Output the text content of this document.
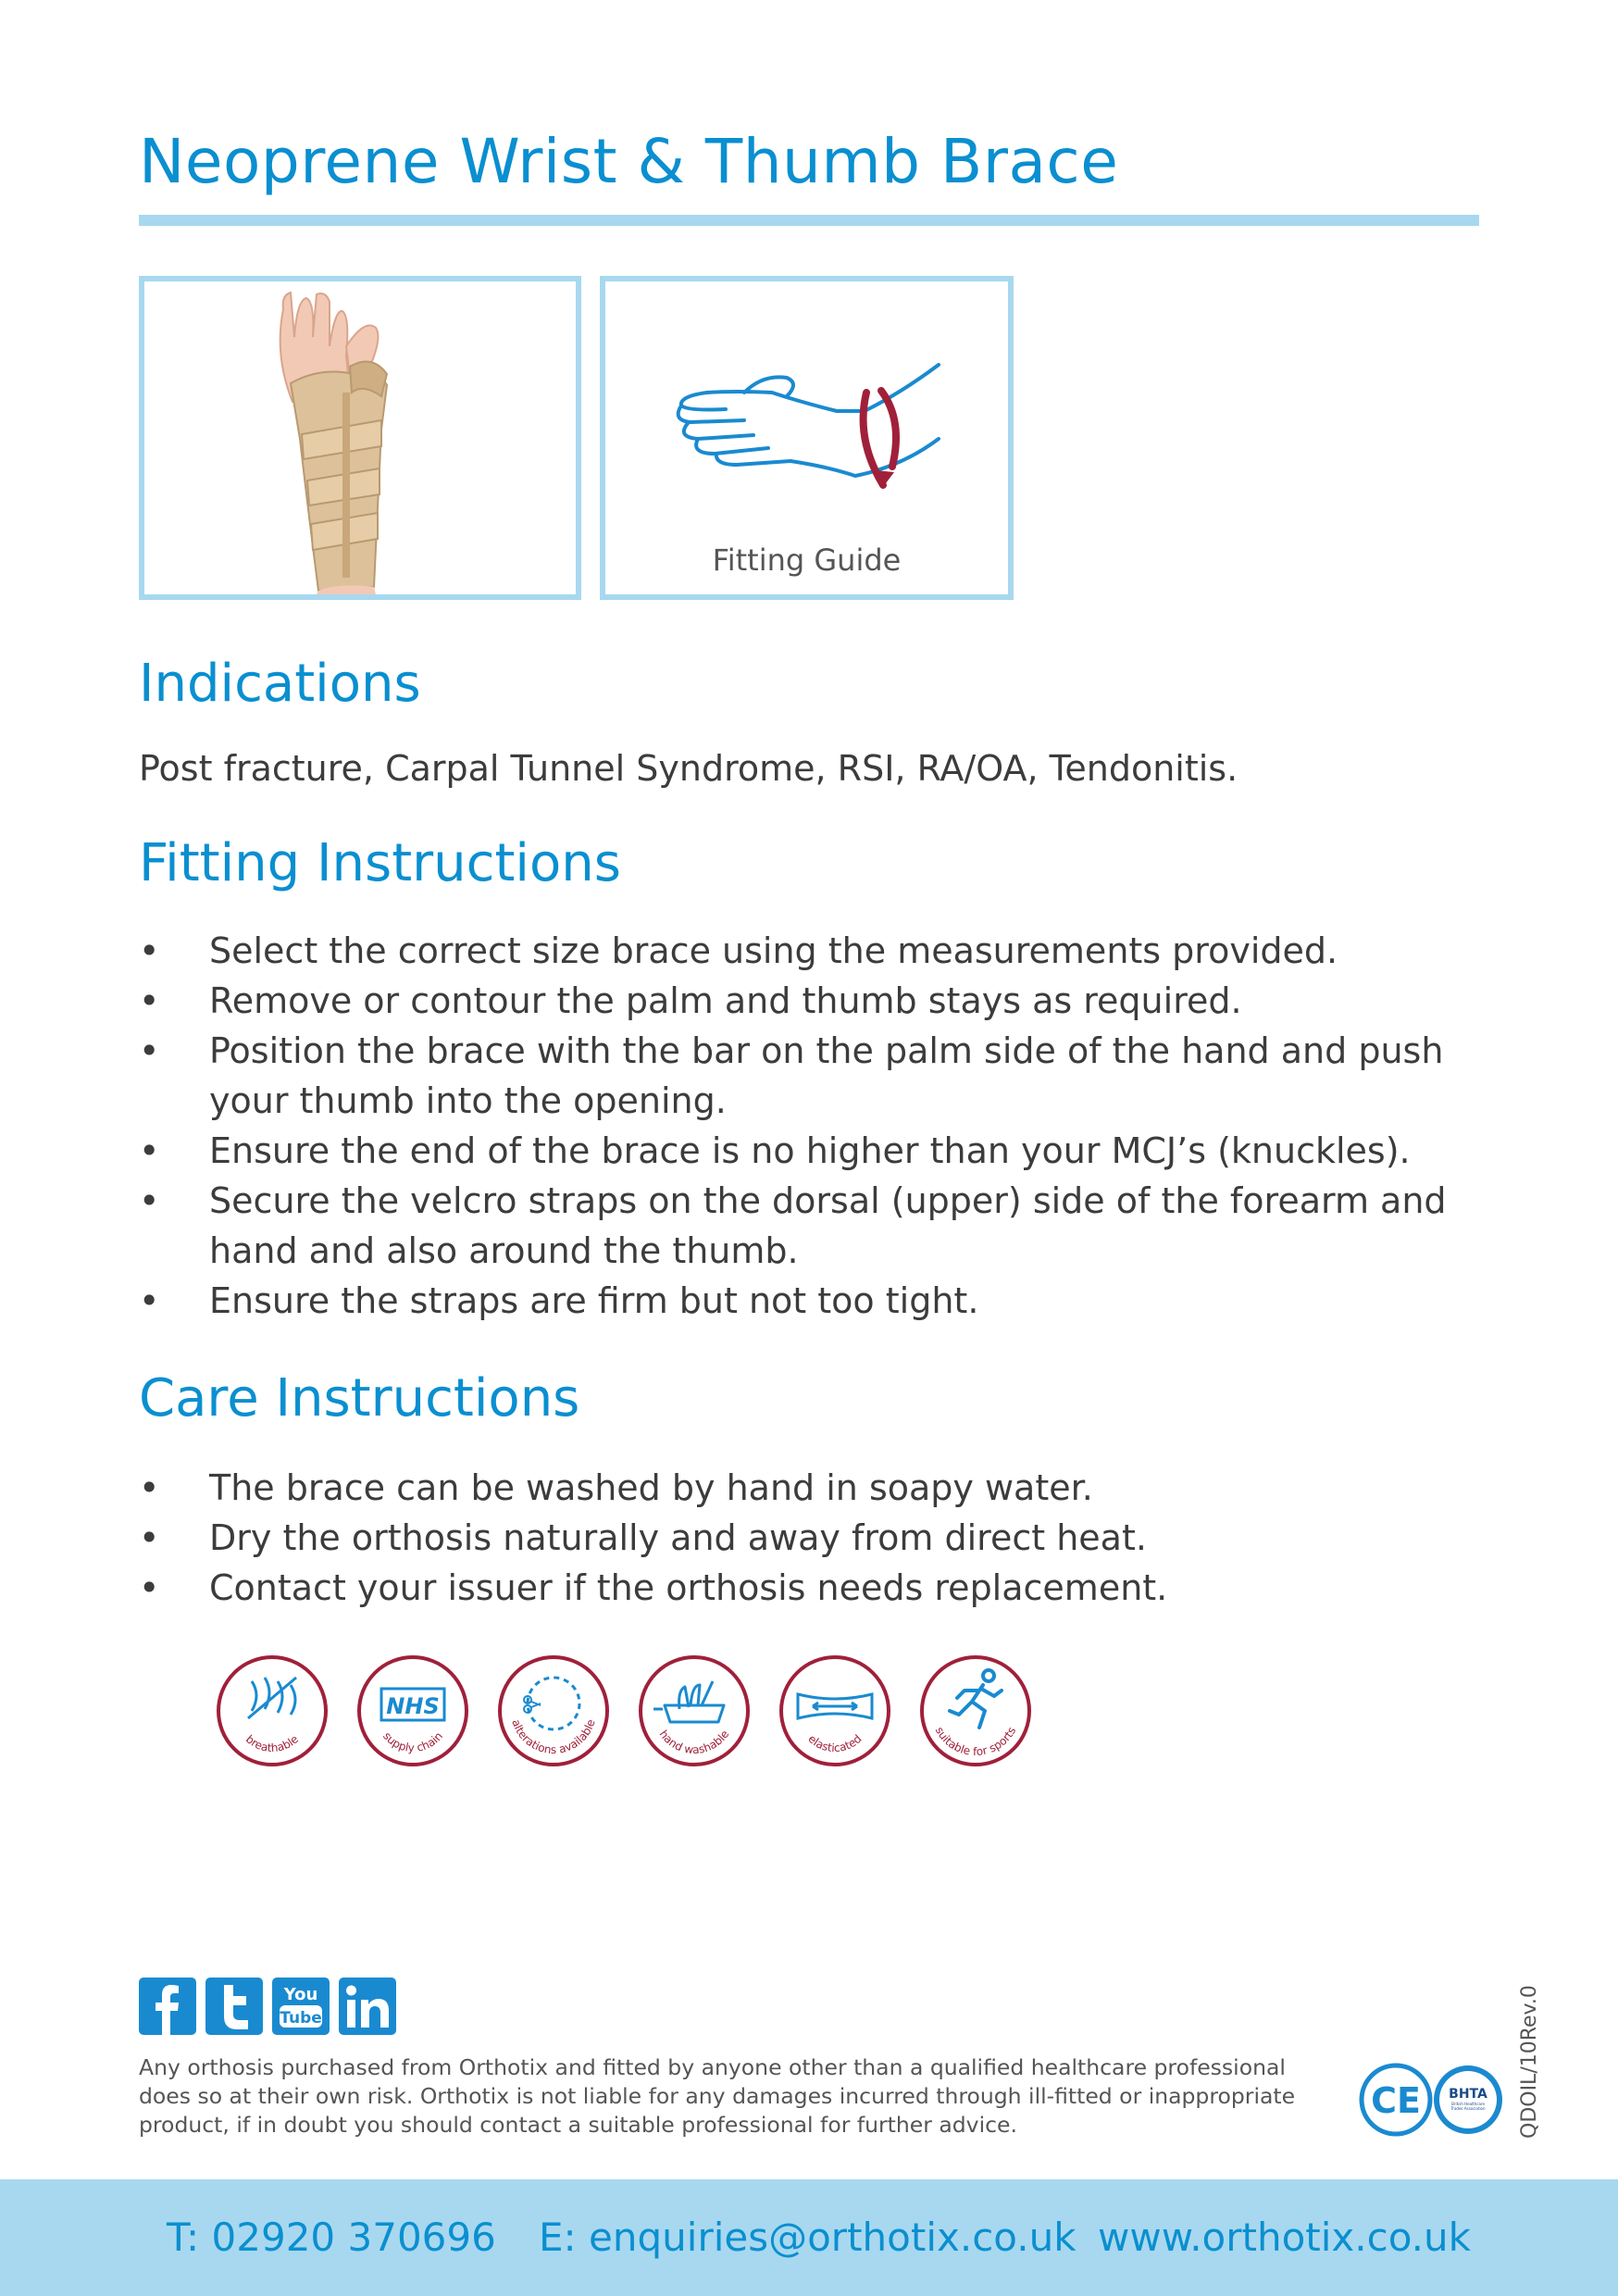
Neoprene Wrist & Thumb Brace
Fitting Guide
Indications

Post fracture, Carpal Tunnel Syndrome, RSI, RA/OA, Tendonitis.

Fitting Instructions
• Select the correct size brace using the measurements provided.
• Remove or contour the palm and thumb stays as required.
• Position the brace with the bar on the palm side of the hand and push your thumb into the opening.
• Ensure the end of the brace is no higher than your MCJ’s (knuckles).
• Secure the velcro straps on the dorsal (upper) side of the forearm and hand and also around the thumb.
• Ensure the straps are firm but not too tight.
Care Instructions
• The brace can be washed by hand in soapy water.
• Dry the orthosis naturally and away from direct heat.
• Contact your issuer if the orthosis needs replacement.
breathable
NHS
supply chain
alterations available
hand washable	elasticated
suitable for sports
You
Tube

Any orthosis purchased from Orthotix and fitted by anyone other than a qualified healthcare professional does so at their own risk. Orthotix is not liable for any damages incurred through ill-fitted or inappropriate product, if in doubt you should contact a suitable professional for further advice.	QDOIL/10Rev.0
CE BHTA
British Healthcare Trades Association
T: 02920 370696 E: enquiries@orthotix.co.uk www.orthotix.co.uk
